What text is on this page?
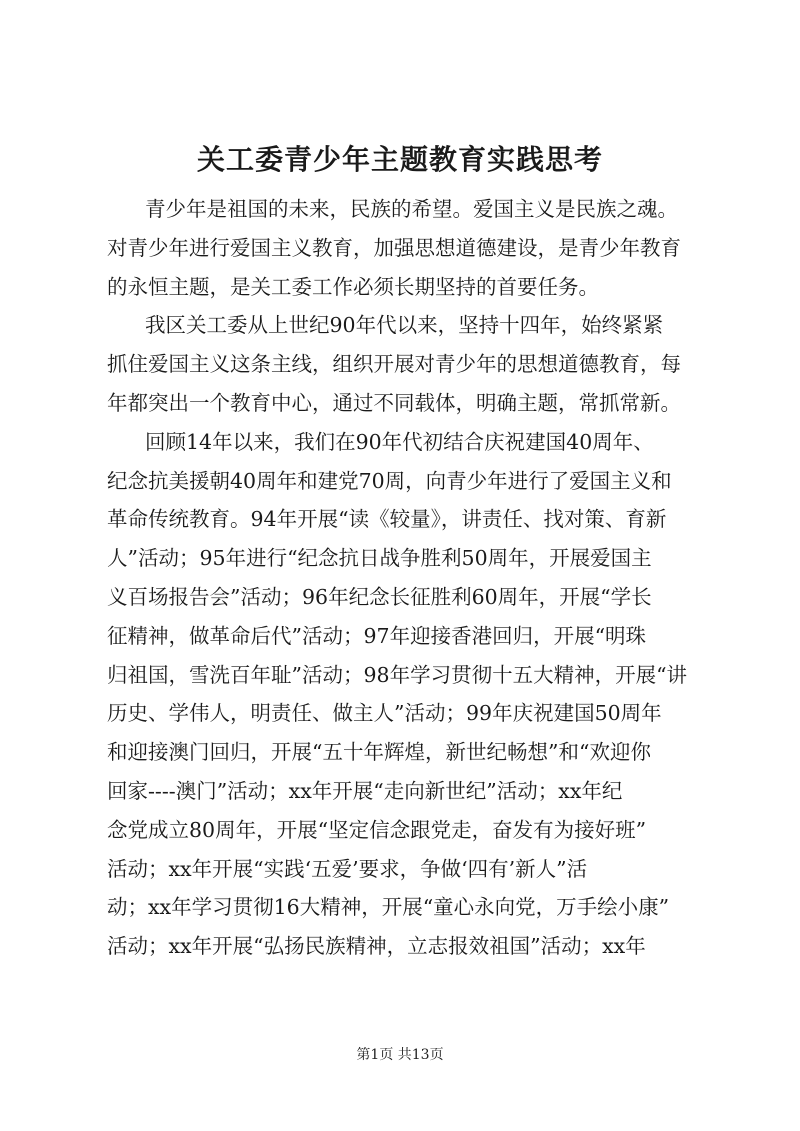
关工委青少年主题教育实践思考
青少年是祖国的未来，民族的希望。爱国主义是民族之魂。
对青少年进行爱国主义教育，加强思想道德建设，是青少年教育
的永恒主题，是关工委工作必须长期坚持的首要任务。
我区关工委从上世纪90年代以来，坚持十四年，始终紧紧
抓住爱国主义这条主线，组织开展对青少年的思想道德教育，每
年都突出一个教育中心，通过不同载体，明确主题，常抓常新。
回顾14年以来，我们在90年代初结合庆祝建国40周年、
纪念抗美援朝40周年和建党70周，向青少年进行了爱国主义和
革命传统教育。94年开展“读《较量》，讲责任、找对策、育新
人”活动；95年进行“纪念抗日战争胜利50周年，开展爱国主
义百场报告会”活动；96年纪念长征胜利60周年，开展“学长
征精神，做革命后代”活动；97年迎接香港回归，开展“明珠
归祖国，雪洗百年耻”活动；98年学习贯彻十五大精神，开展“讲
历史、学伟人，明责任、做主人”活动；99年庆祝建国50周年
和迎接澳门回归，开展“五十年辉煌，新世纪畅想”和“欢迎你
回家----澳门”活动；xx年开展“走向新世纪”活动；xx年纪
念党成立80周年，开展“坚定信念跟党走，奋发有为接好班”
活动；xx年开展“实践‘五爱’要求，争做‘四有’新人”活
动；xx年学习贯彻16大精神，开展“童心永向党，万手绘小康”
活动；xx年开展“弘扬民族精神，立志报效祖国”活动；xx年
第1页 共13页
